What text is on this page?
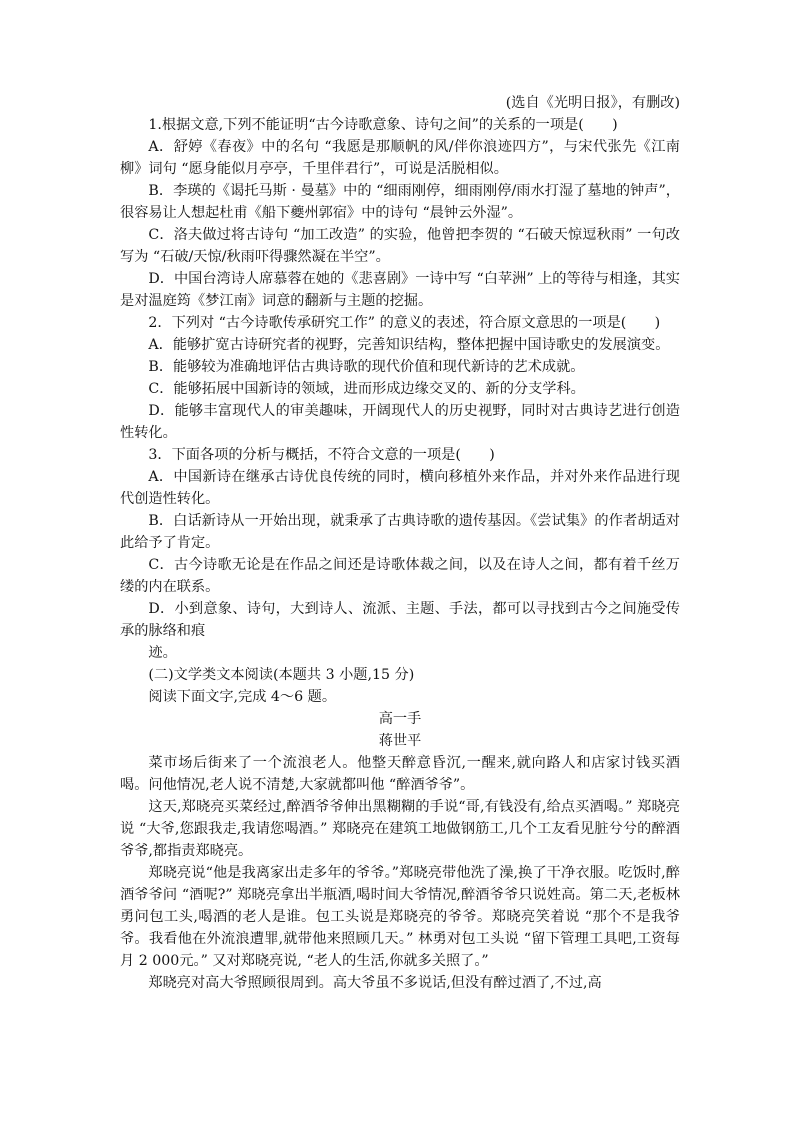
(选自《光明日报》，有删改)

1.根据文意,下列不能证明“古今诗歌意象、诗句之间”的关系的一项是(　　)

A．舒婷《春夜》中的名句 “我愿是那顺帆的风/伴你浪迹四方”，与宋代张先《江南柳》词句 “愿身能似月亭亭，千里伴君行”，可说是活脱相似。

B．李瑛的《谒托马斯 · 曼墓》中的 “细雨刚停，细雨刚停/雨水打湿了墓地的钟声”，很容易让人想起杜甫《船下夔州郭宿》中的诗句 “晨钟云外湿”。

C．洛夫做过将古诗句 “加工改造” 的实验，他曾把李贺的 “石破天惊逗秋雨” 一句改写为 “石破/天惊/秋雨吓得骤然凝在半空”。

D．中国台湾诗人席慕蓉在她的《悲喜剧》一诗中写 “白苹洲” 上的等待与相逢，其实是对温庭筠《梦江南》词意的翻新与主题的挖掘。

2．下列对 “古今诗歌传承研究工作” 的意义的表述，符合原文意思的一项是(　　)

A．能够扩宽古诗研究者的视野，完善知识结构，整体把握中国诗歌史的发展演变。

B．能够较为准确地评估古典诗歌的现代价值和现代新诗的艺术成就。

C．能够拓展中国新诗的领域，进而形成边缘交叉的、新的分支学科。

D．能够丰富现代人的审美趣味，开阔现代人的历史视野，同时对古典诗艺进行创造性转化。

3．下面各项的分析与概括，不符合文意的一项是(　　)

A．中国新诗在继承古诗优良传统的同时，横向移植外来作品，并对外来作品进行现代创造性转化。

B．白话新诗从一开始出现，就秉承了古典诗歌的遗传基因。《尝试集》的作者胡适对此给予了肯定。

C．古今诗歌无论是在作品之间还是诗歌体裁之间，以及在诗人之间，都有着千丝万缕的内在联系。

D．小到意象、诗句，大到诗人、流派、主题、手法，都可以寻找到古今之间施受传承的脉络和痕

迹。

(二)文学类文本阅读(本题共 3 小题,15 分)

阅读下面文字,完成 4～6 题。

高一手

蒋世平

菜市场后街来了一个流浪老人。他整天醉意昏沉,一醒来,就向路人和店家讨钱买酒喝。问他情况,老人说不清楚,大家就都叫他 “醉酒爷爷”。

这天,郑晓亮买菜经过,醉酒爷爷伸出黑糊糊的手说“哥,有钱没有,给点买酒喝。” 郑晓亮说 “大爷,您跟我走,我请您喝酒。” 郑晓亮在建筑工地做钢筋工,几个工友看见脏兮兮的醉酒爷爷,都指责郑晓亮。

郑晓亮说“他是我离家出走多年的爷爷。”郑晓亮带他洗了澡,换了干净衣服。吃饭时,醉酒爷爷问 “酒呢?” 郑晓亮拿出半瓶酒,喝时间大爷情况,醉酒爷爷只说姓高。第二天,老板林勇问包工头,喝酒的老人是谁。包工头说是郑晓亮的爷爷。郑晓亮笑着说 “那个不是我爷爷。我看他在外流浪遭罪,就带他来照顾几天。” 林勇对包工头说 “留下管理工具吧,工资每月 2 000元。” 又对郑晓亮说, “老人的生活,你就多关照了。”

郑晓亮对高大爷照顾很周到。高大爷虽不多说话,但没有醉过酒了,不过,高
